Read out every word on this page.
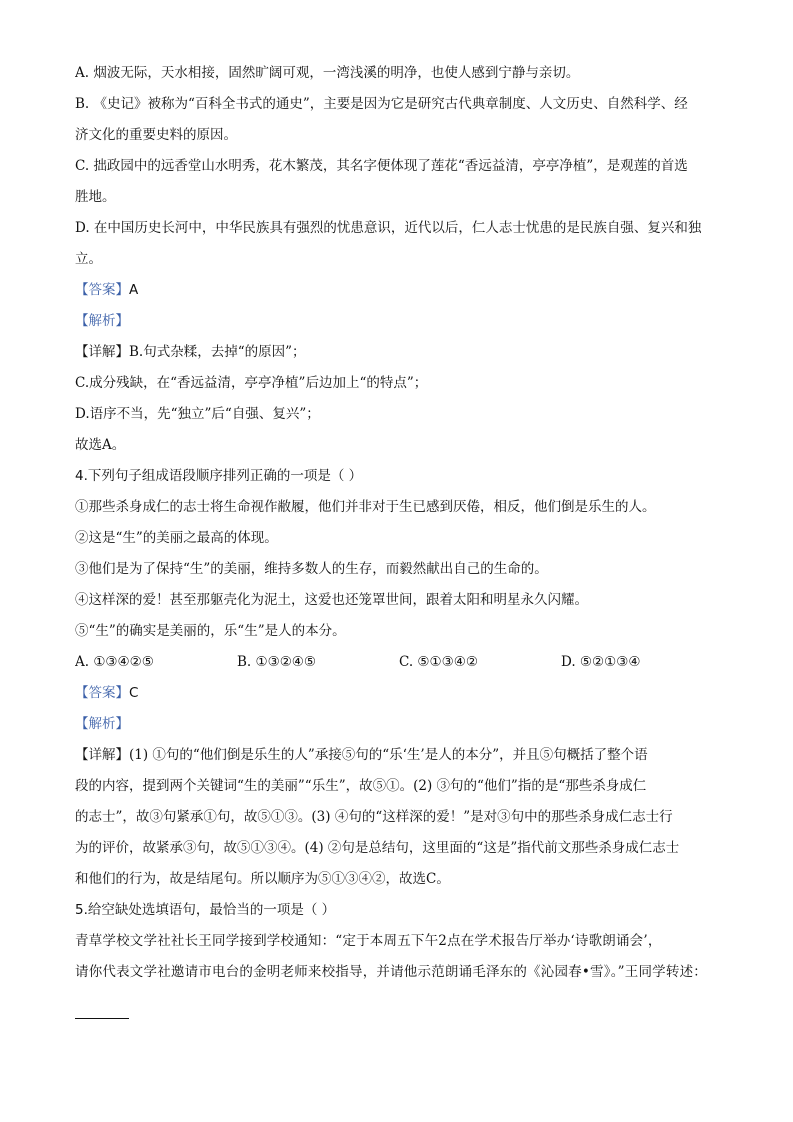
A. 烟波无际，天水相接，固然旷阔可观，一湾浅溪的明净，也使人感到宁静与亲切。
B. 《史记》被称为“百科全书式的通史”，主要是因为它是研究古代典章制度、人文历史、自然科学、经
济文化的重要史料的原因。
C. 拙政园中的远香堂山水明秀，花木繁茂，其名字便体现了莲花“香远益清，亭亭净植”，是观莲的首选
胜地。
D. 在中国历史长河中，中华民族具有强烈的忧患意识，近代以后，仁人志士忧患的是民族自强、复兴和独
立。
【答案】A
【解析】
【详解】B.句式杂糅，去掉“的原因”；
C.成分残缺，在“香远益清，亭亭净植”后边加上“的特点”；
D.语序不当，先“独立”后“自强、复兴”；
故选A。
4.下列句子组成语段顺序排列正确的一项是（ ）
①那些杀身成仁的志士将生命视作敝履，他们并非对于生已感到厌倦，相反，他们倒是乐生的人。
②这是“生”的美丽之最高的体现。
③他们是为了保持“生”的美丽，维持多数人的生存，而毅然献出自己的生命的。
④这样深的爱！甚至那躯壳化为泥土，这爱也还笼罩世间，跟着太阳和明星永久闪耀。
⑤“生”的确实是美丽的，乐“生”是人的本分。
A. ①③④②⑤	B. ①③②④⑤	C. ⑤①③④②	D. ⑤②①③④
【答案】C
【解析】
【详解】(1) ①句的“他们倒是乐生的人”承接⑤句的“乐‘生’是人的本分”，并且⑤句概括了整个语
段的内容，提到两个关键词“生的美丽”“乐生”，故⑤①。(2) ③句的“他们”指的是“那些杀身成仁
的志士”，故③句紧承①句，故⑤①③。(3) ④句的“这样深的爱！”是对③句中的那些杀身成仁志士行
为的评价，故紧承③句，故⑤①③④。(4) ②句是总结句，这里面的“这是”指代前文那些杀身成仁志士
和他们的行为，故是结尾句。所以顺序为⑤①③④②，故选C。
5.给空缺处选填语句，最恰当的一项是（ ）
青草学校文学社社长王同学接到学校通知：“定于本周五下午2点在学术报告厅举办‘诗歌朗诵会’，
请你代表文学社邀请市电台的金明老师来校指导，并请他示范朗诵毛泽东的《沁园春•雪》。”王同学转述：
